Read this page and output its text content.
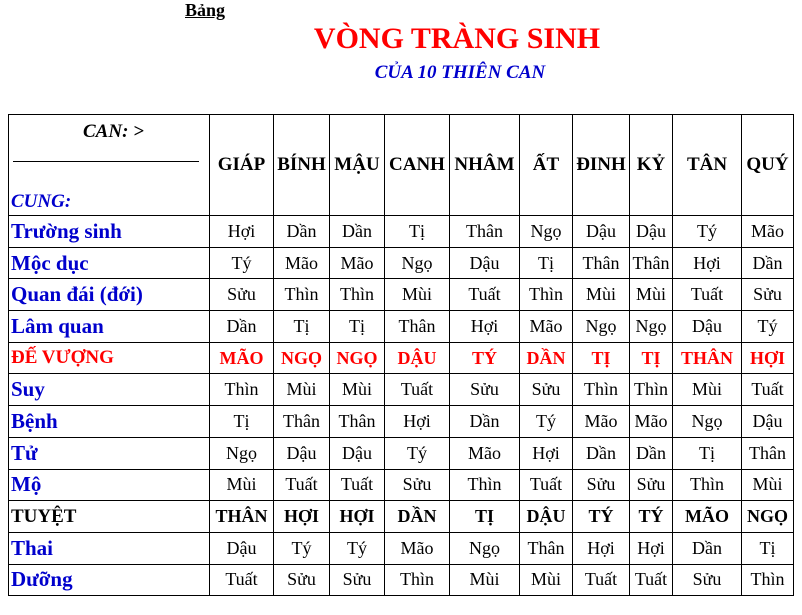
Bảng
VÒNG TRÀNG SINH
CỦA 10 THIÊN CAN
CAN: >
CUNG:	GIÁP	BÍNH	MẬU	CANH	NHÂM	ẤT	ĐINH	KỶ	TÂN	QUÝ
Trường sinh	Hợi	Dần	Dần	Tị	Thân	Ngọ	Dậu	Dậu	Tý	Mão
Mộc dục	Tý	Mão	Mão	Ngọ	Dậu	Tị	Thân	Thân	Hợi	Dần
Quan đái (đới)	Sửu	Thìn	Thìn	Mùi	Tuất	Thìn	Mùi	Mùi	Tuất	Sửu
Lâm quan	Dần	Tị	Tị	Thân	Hợi	Mão	Ngọ	Ngọ	Dậu	Tý
ĐẾ VƯỢNG	MÃO	NGỌ	NGỌ	DẬU	TÝ	DẦN	TỊ	TỊ	THÂN	HỢI
Suy	Thìn	Mùi	Mùi	Tuất	Sửu	Sửu	Thìn	Thìn	Mùi	Tuất
Bệnh	Tị	Thân	Thân	Hợi	Dần	Tý	Mão	Mão	Ngọ	Dậu
Tử	Ngọ	Dậu	Dậu	Tý	Mão	Hợi	Dần	Dần	Tị	Thân
Mộ	Mùi	Tuất	Tuất	Sửu	Thìn	Tuất	Sửu	Sửu	Thìn	Mùi
TUYỆT	THÂN	HỢI	HỢI	DẦN	TỊ	DẬU	TÝ	TÝ	MÃO	NGỌ
Thai	Dậu	Tý	Tý	Mão	Ngọ	Thân	Hợi	Hợi	Dần	Tị
Dưỡng	Tuất	Sửu	Sửu	Thìn	Mùi	Mùi	Tuất	Tuất	Sửu	Thìn
